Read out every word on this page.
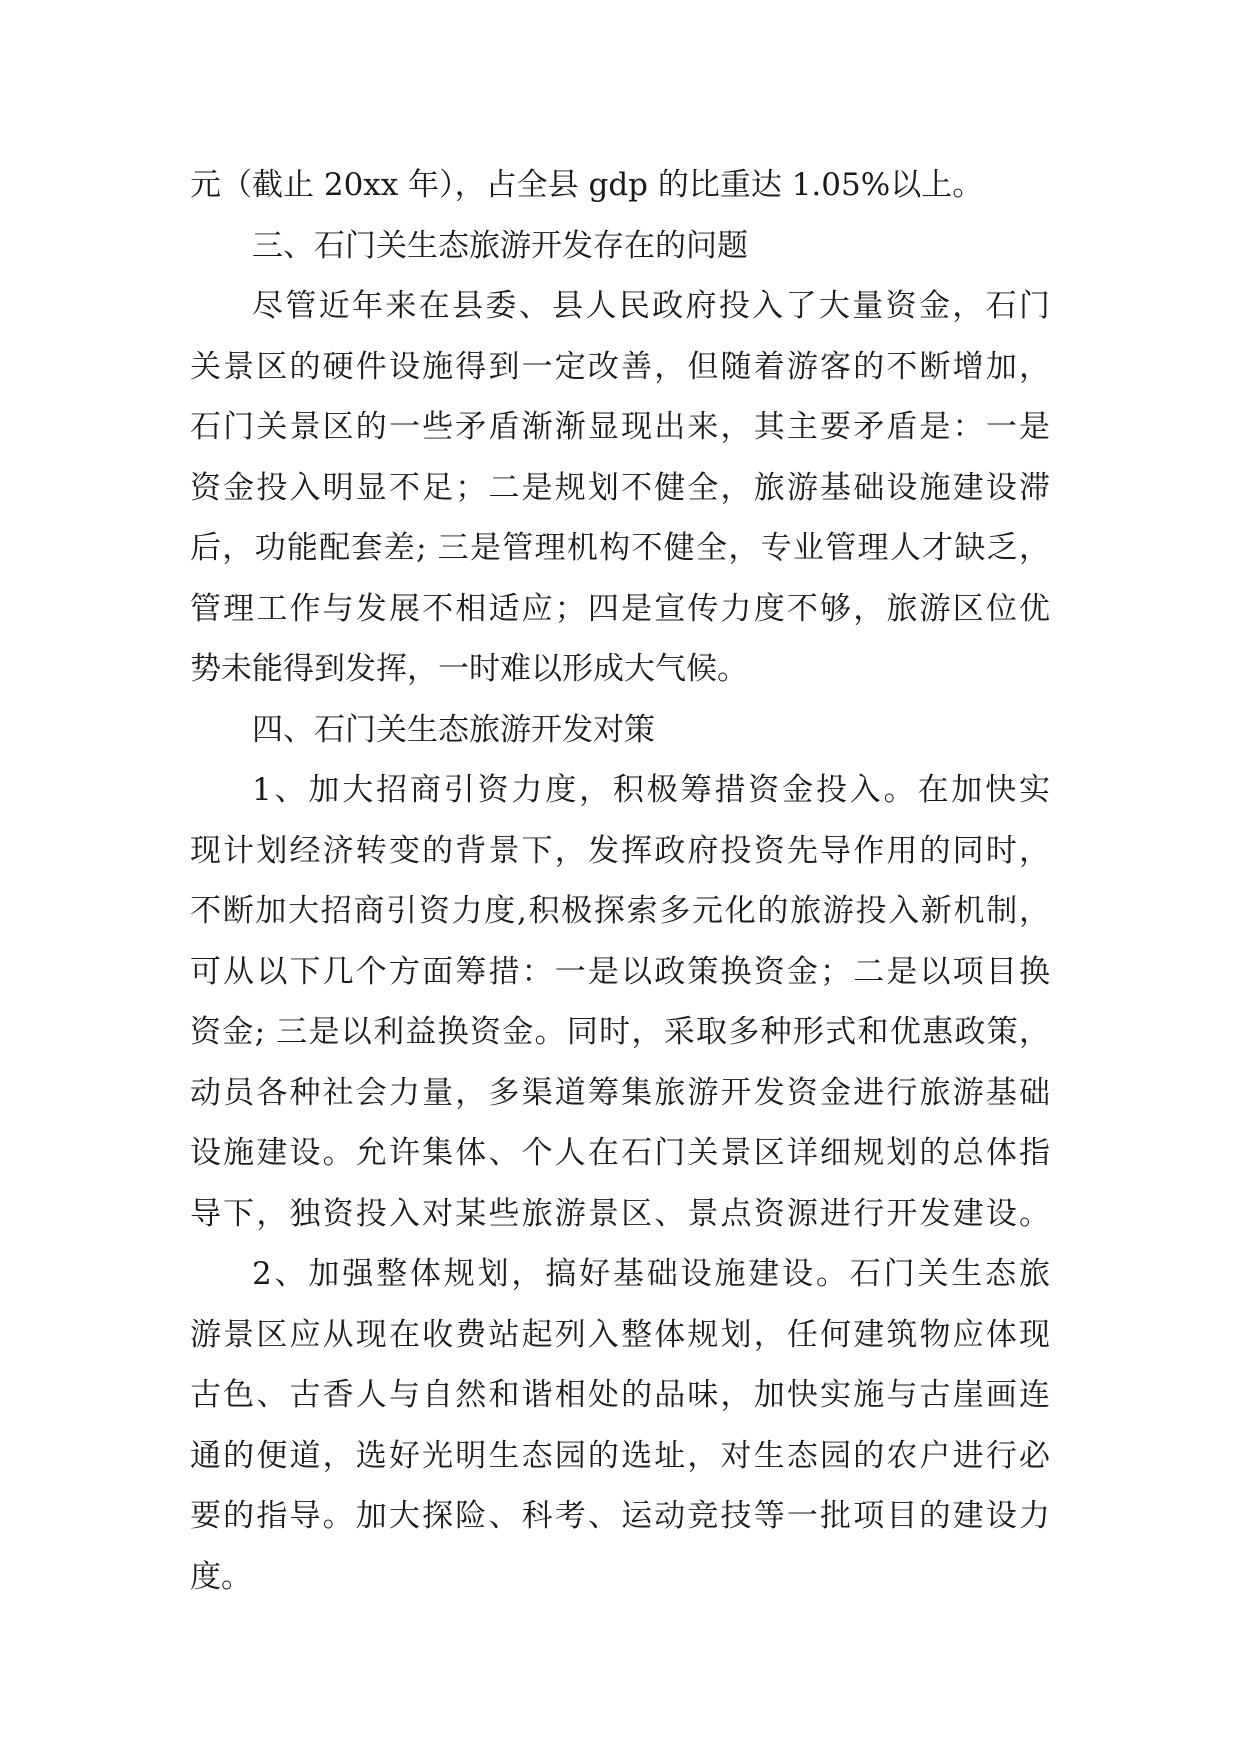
元（截止 20xx 年），占全县 gdp 的比重达 1.05%以上。
三、石门关生态旅游开发存在的问题
尽管近年来在县委、县人民政府投入了大量资金，石门
关景区的硬件设施得到一定改善，但随着游客的不断增加，
石门关景区的一些矛盾渐渐显现出来，其主要矛盾是：一是
资金投入明显不足；二是规划不健全，旅游基础设施建设滞
后，功能配套差; 三是管理机构不健全，专业管理人才缺乏，
管理工作与发展不相适应；四是宣传力度不够，旅游区位优
势未能得到发挥，一时难以形成大气候。
四、石门关生态旅游开发对策
1、加大招商引资力度，积极筹措资金投入。在加快实
现计划经济转变的背景下，发挥政府投资先导作用的同时，
不断加大招商引资力度,积极探索多元化的旅游投入新机制，
可从以下几个方面筹措：一是以政策换资金；二是以项目换
资金; 三是以利益换资金。同时，采取多种形式和优惠政策，
动员各种社会力量，多渠道筹集旅游开发资金进行旅游基础
设施建设。允许集体、个人在石门关景区详细规划的总体指
导下，独资投入对某些旅游景区、景点资源进行开发建设。
2、加强整体规划，搞好基础设施建设。石门关生态旅
游景区应从现在收费站起列入整体规划，任何建筑物应体现
古色、古香人与自然和谐相处的品味，加快实施与古崖画连
通的便道，选好光明生态园的选址，对生态园的农户进行必
要的指导。加大探险、科考、运动竞技等一批项目的建设力
度。
